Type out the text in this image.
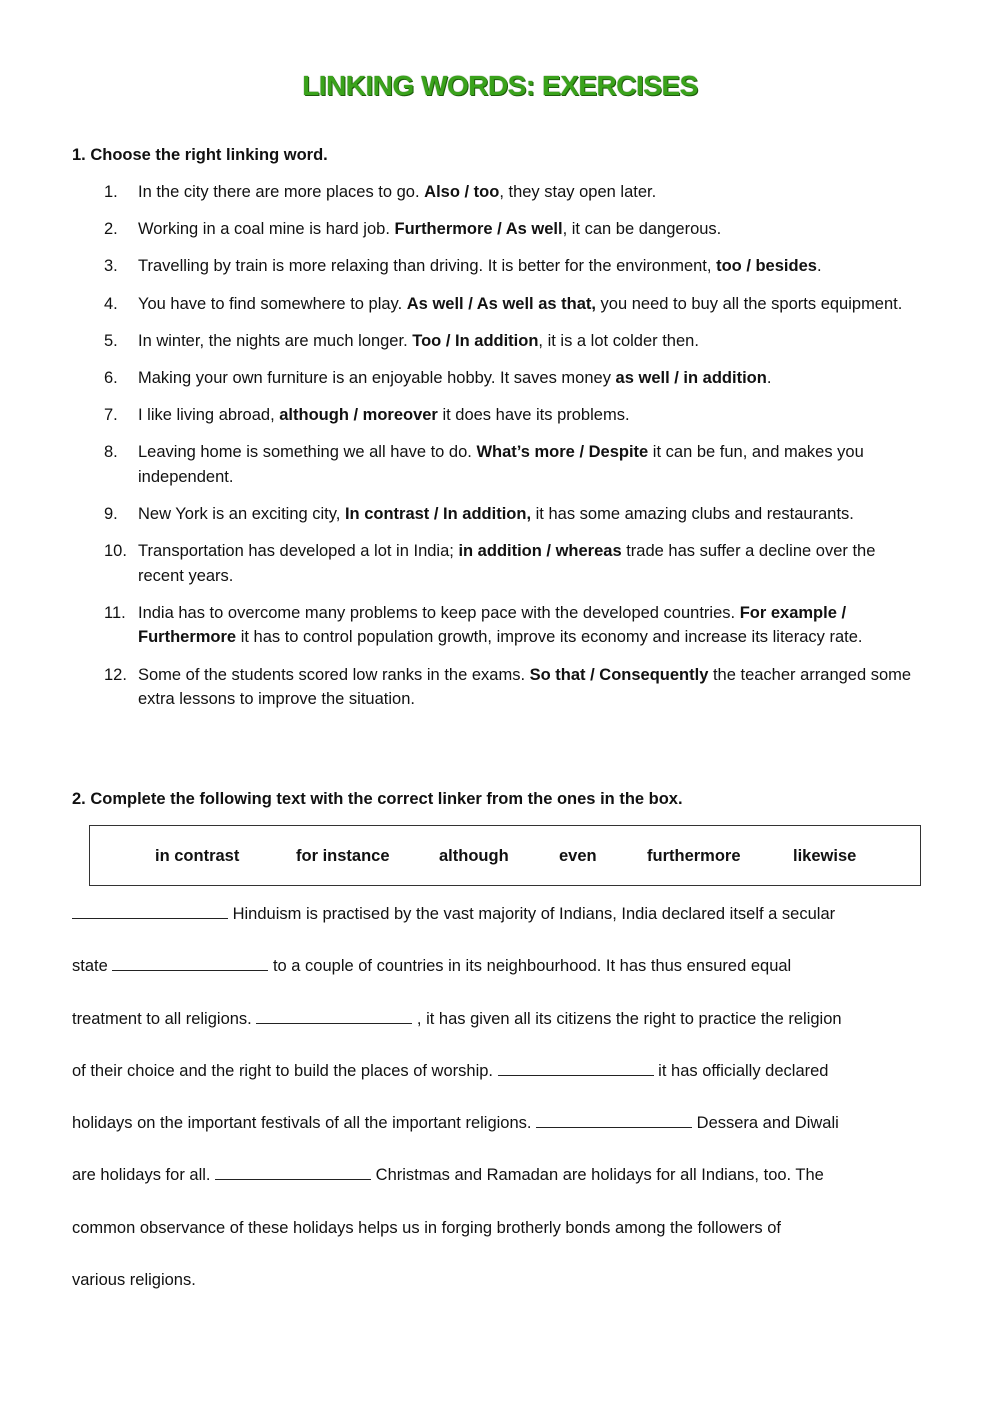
LINKING WORDS: EXERCISES
1. Choose the right linking word.
1. In the city there are more places to go. Also / too, they stay open later.
2. Working in a coal mine is hard job. Furthermore / As well, it can be dangerous.
3. Travelling by train is more relaxing than driving. It is better for the environment, too / besides.
4. You have to find somewhere to play. As well / As well as that, you need to buy all the sports equipment.
5. In winter, the nights are much longer. Too / In addition, it is a lot colder then.
6. Making your own furniture is an enjoyable hobby. It saves money as well / in addition.
7. I like living abroad, although / moreover it does have its problems.
8. Leaving home is something we all have to do. What’s more / Despite it can be fun, and makes you independent.
9. New York is an exciting city, In contrast / In addition, it has some amazing clubs and restaurants.
10. Transportation has developed a lot in India; in addition / whereas trade has suffer a decline over the recent years.
11. India has to overcome many problems to keep pace with the developed countries. For example / Furthermore it has to control population growth, improve its economy and increase its literacy rate.
12. Some of the students scored low ranks in the exams. So that / Consequently the teacher arranged some extra lessons to improve the situation.
2. Complete the following text with the correct linker from the ones in the box.
in contrast	for instance	although	even	furthermore	likewise
Hinduism is practised by the vast majority of Indians, India declared itself a secular
state	to a couple of countries in its neighbourhood. It has thus ensured equal
treatment to all religions.	, it has given all its citizens the right to practice the religion
of their choice and the right to build the places of worship.	it has officially declared
holidays on the important festivals of all the important religions.	Dessera and Diwali
are holidays for all.	Christmas and Ramadan are holidays for all Indians, too. The
common observance of these holidays helps us in forging brotherly bonds among the followers of
various religions.
